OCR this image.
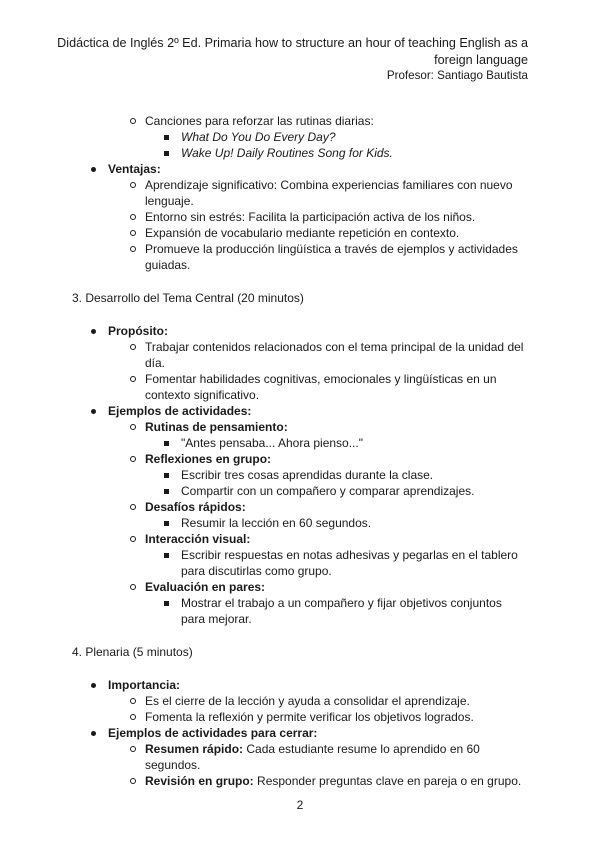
Didáctica de Inglés 2º Ed. Primaria how to structure an hour of teaching English as a
foreign language
Profesor: Santiago Bautista
Canciones para reforzar las rutinas diarias:
What Do You Do Every Day?
Wake Up! Daily Routines Song for Kids.
Ventajas:
Aprendizaje significativo: Combina experiencias familiares con nuevo
lenguaje.
Entorno sin estrés: Facilita la participación activa de los niños.
Expansión de vocabulario mediante repetición en contexto.
Promueve la producción lingüística a través de ejemplos y actividades
guiadas.
3. Desarrollo del Tema Central (20 minutos)
Propósito:
Trabajar contenidos relacionados con el tema principal de la unidad del
día.
Fomentar habilidades cognitivas, emocionales y lingüísticas en un
contexto significativo.
Ejemplos de actividades:
Rutinas de pensamiento:
"Antes pensaba... Ahora pienso..."
Reflexiones en grupo:
Escribir tres cosas aprendidas durante la clase.
Compartir con un compañero y comparar aprendizajes.
Desafíos rápidos:
Resumir la lección en 60 segundos.
Interacción visual:
Escribir respuestas en notas adhesivas y pegarlas en el tablero
para discutirlas como grupo.
Evaluación en pares:
Mostrar el trabajo a un compañero y fijar objetivos conjuntos
para mejorar.
4. Plenaria (5 minutos)
Importancia:
Es el cierre de la lección y ayuda a consolidar el aprendizaje.
Fomenta la reflexión y permite verificar los objetivos logrados.
Ejemplos de actividades para cerrar:
Resumen rápido: Cada estudiante resume lo aprendido en 60
segundos.
Revisión en grupo: Responder preguntas clave en pareja o en grupo.
2
